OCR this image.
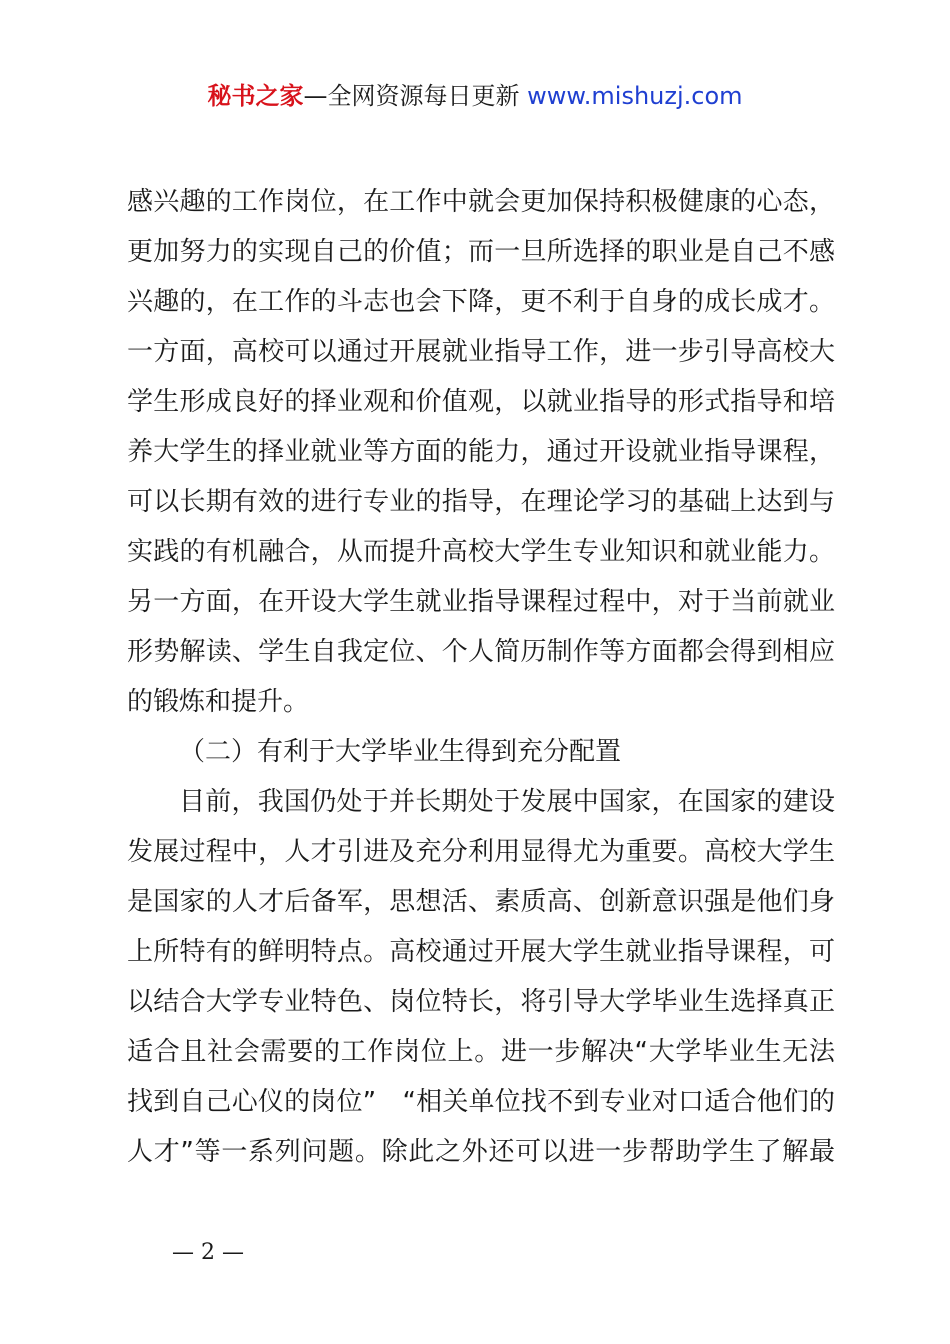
秘书之家—全网资源每日更新 www.mishuzj.com
感兴趣的工作岗位，在工作中就会更加保持积极健康的心态，
更加努力的实现自己的价值；而一旦所选择的职业是自己不感
兴趣的，在工作的斗志也会下降，更不利于自身的成长成才。
一方面，高校可以通过开展就业指导工作，进一步引导高校大
学生形成良好的择业观和价值观，以就业指导的形式指导和培
养大学生的择业就业等方面的能力，通过开设就业指导课程，
可以长期有效的进行专业的指导，在理论学习的基础上达到与
实践的有机融合，从而提升高校大学生专业知识和就业能力。
另一方面，在开设大学生就业指导课程过程中，对于当前就业
形势解读、学生自我定位、个人简历制作等方面都会得到相应
的锻炼和提升。
（二）有利于大学毕业生得到充分配置
目前，我国仍处于并长期处于发展中国家，在国家的建设
发展过程中，人才引进及充分利用显得尤为重要。高校大学生
是国家的人才后备军，思想活、素质高、创新意识强是他们身
上所特有的鲜明特点。高校通过开展大学生就业指导课程，可
以结合大学专业特色、岗位特长，将引导大学毕业生选择真正
适合且社会需要的工作岗位上。进一步解决“大学毕业生无法
找到自己心仪的岗位”　“相关单位找不到专业对口适合他们的
人才”等一系列问题。除此之外还可以进一步帮助学生了解最
— 2 —
